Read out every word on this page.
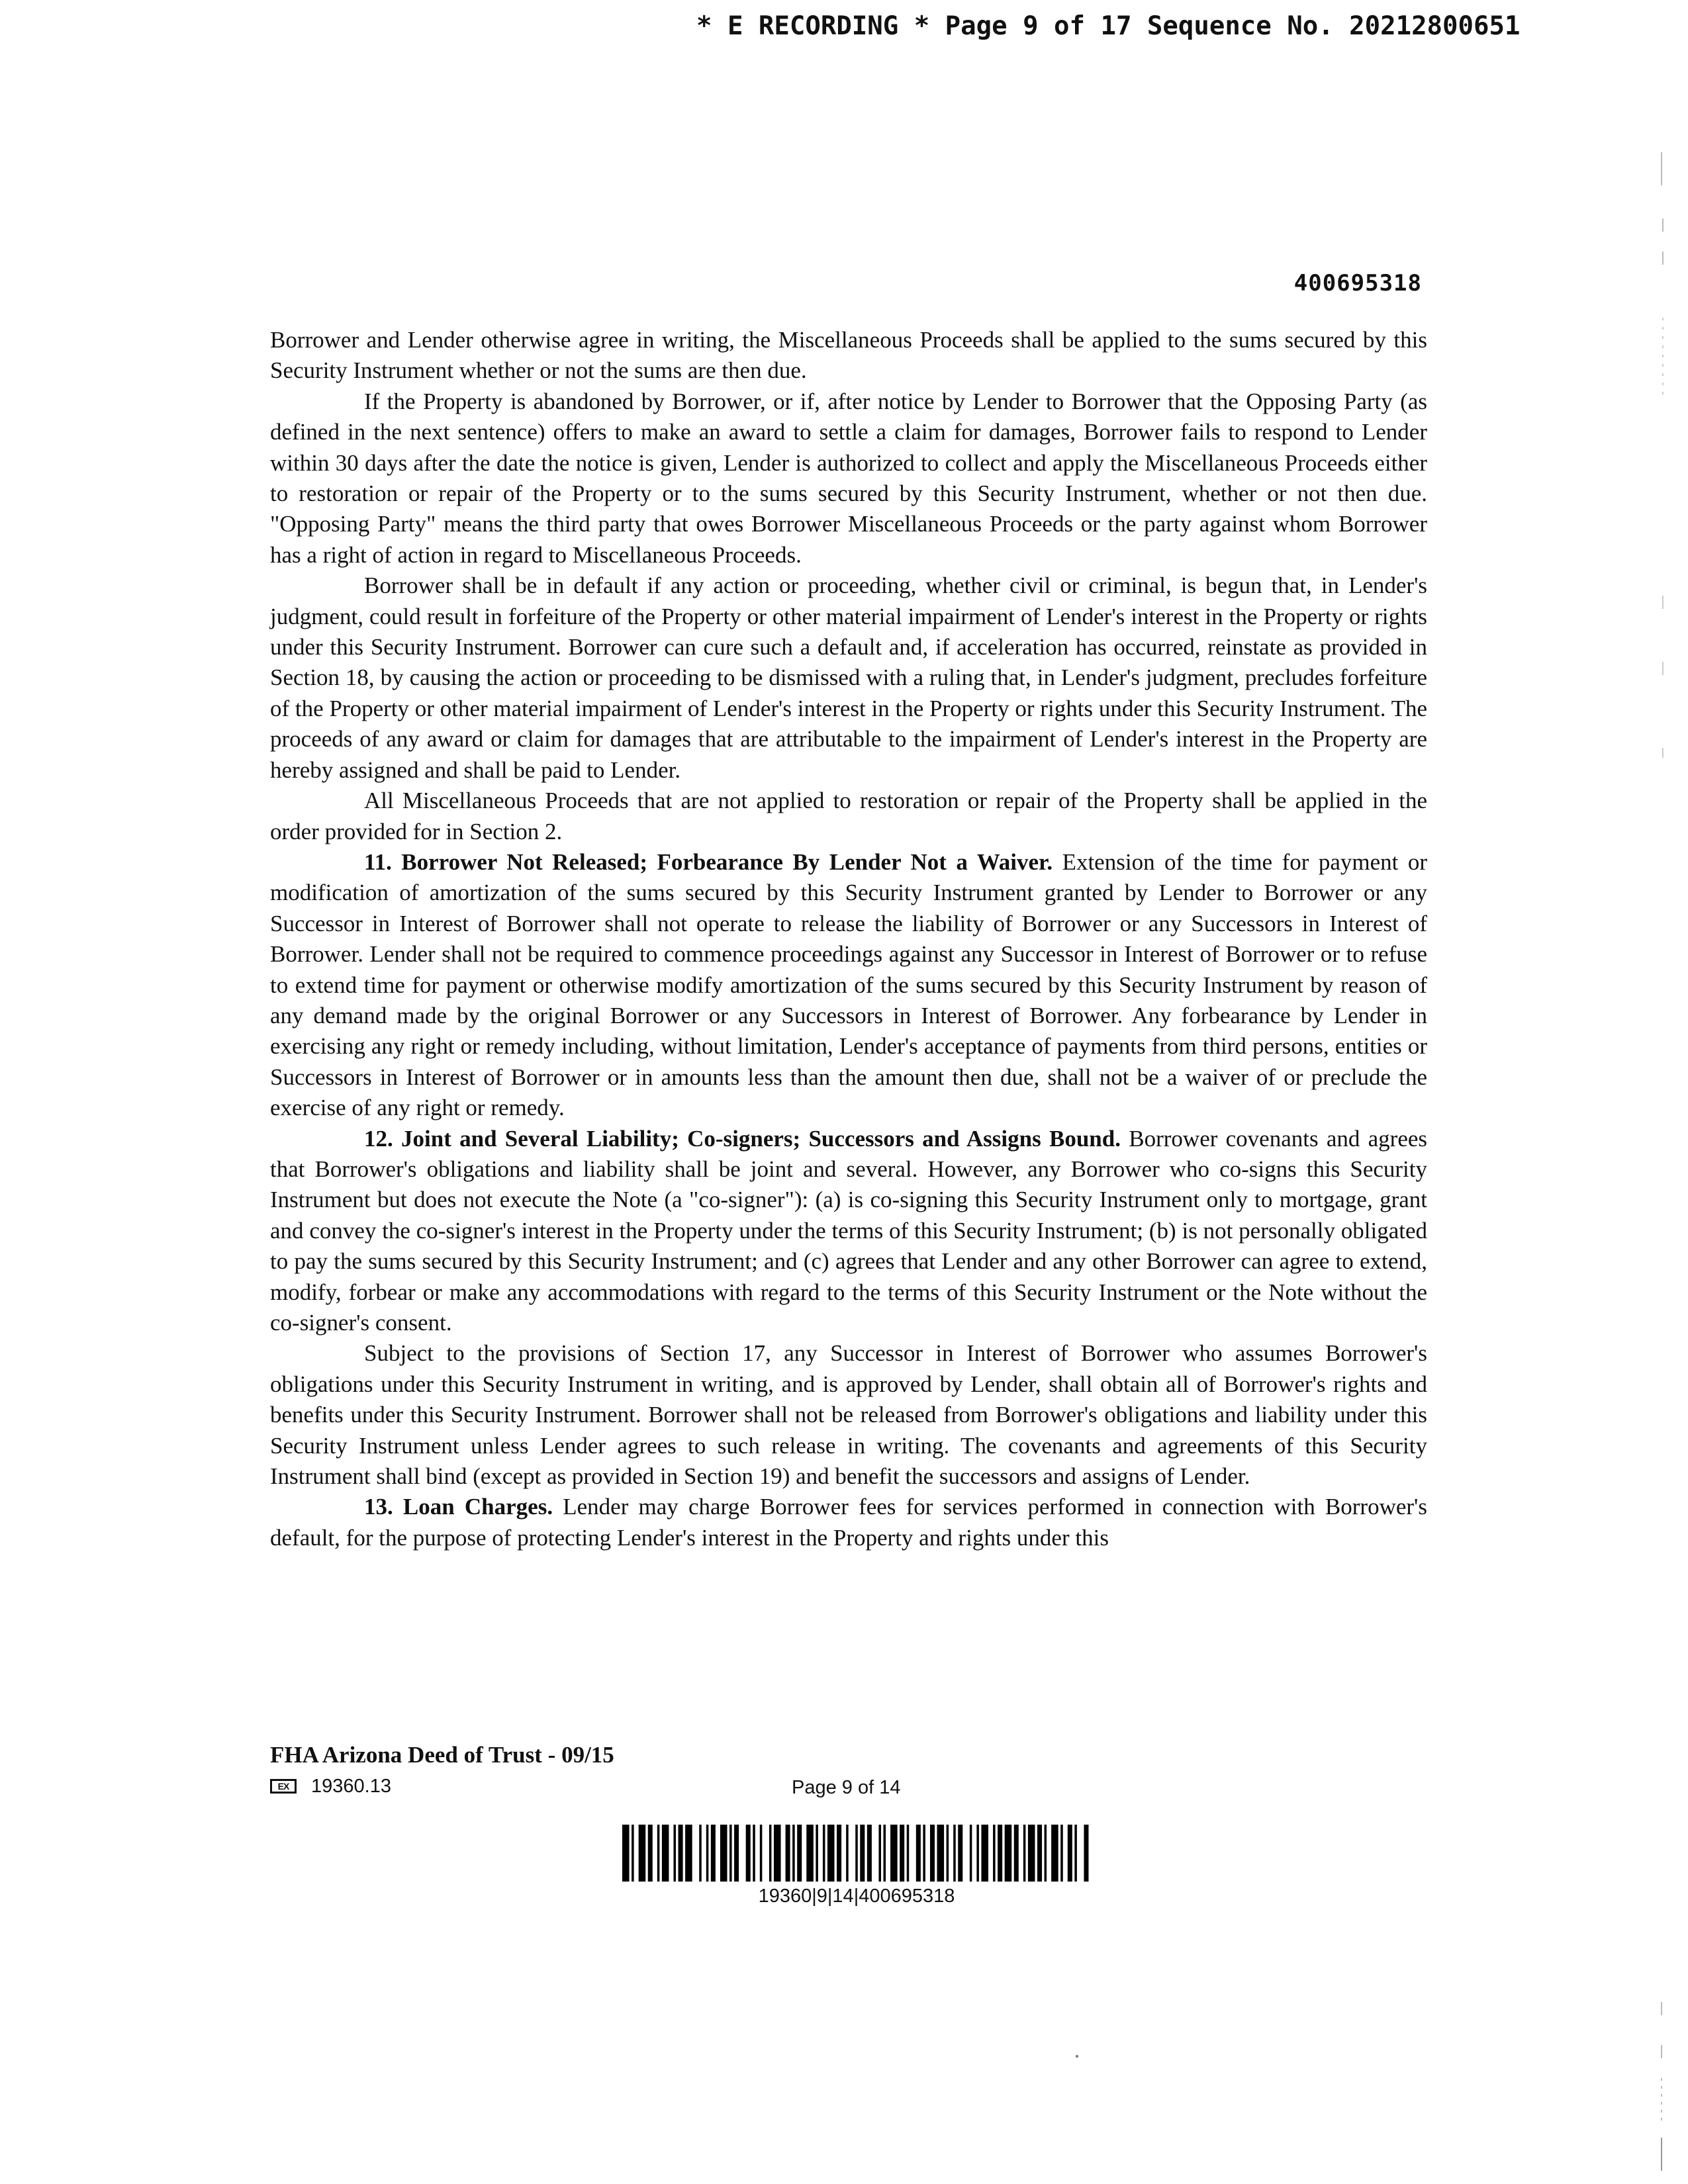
* E RECORDING * Page 9 of 17 Sequence No. 20212800651
400695318

Borrower and Lender otherwise agree in writing, the Miscellaneous Proceeds shall be applied to the sums secured by this Security Instrument whether or not the sums are then due.

If the Property is abandoned by Borrower, or if, after notice by Lender to Borrower that the Opposing Party (as defined in the next sentence) offers to make an award to settle a claim for damages, Borrower fails to respond to Lender within 30 days after the date the notice is given, Lender is authorized to collect and apply the Miscellaneous Proceeds either to restoration or repair of the Property or to the sums secured by this Security Instrument, whether or not then due. "Opposing Party" means the third party that owes Borrower Miscellaneous Proceeds or the party against whom Borrower has a right of action in regard to Miscellaneous Proceeds.

Borrower shall be in default if any action or proceeding, whether civil or criminal, is begun that, in Lender's judgment, could result in forfeiture of the Property or other material impairment of Lender's interest in the Property or rights under this Security Instrument. Borrower can cure such a default and, if acceleration has occurred, reinstate as provided in Section 18, by causing the action or proceeding to be dismissed with a ruling that, in Lender's judgment, precludes forfeiture of the Property or other material impairment of Lender's interest in the Property or rights under this Security Instrument. The proceeds of any award or claim for damages that are attributable to the impairment of Lender's interest in the Property are hereby assigned and shall be paid to Lender.

All Miscellaneous Proceeds that are not applied to restoration or repair of the Property shall be applied in the order provided for in Section 2.

11. Borrower Not Released; Forbearance By Lender Not a Waiver. Extension of the time for payment or modification of amortization of the sums secured by this Security Instrument granted by Lender to Borrower or any Successor in Interest of Borrower shall not operate to release the liability of Borrower or any Successors in Interest of Borrower. Lender shall not be required to commence proceedings against any Successor in Interest of Borrower or to refuse to extend time for payment or otherwise modify amortization of the sums secured by this Security Instrument by reason of any demand made by the original Borrower or any Successors in Interest of Borrower. Any forbearance by Lender in exercising any right or remedy including, without limitation, Lender's acceptance of payments from third persons, entities or Successors in Interest of Borrower or in amounts less than the amount then due, shall not be a waiver of or preclude the exercise of any right or remedy.

12. Joint and Several Liability; Co-signers; Successors and Assigns Bound. Borrower covenants and agrees that Borrower's obligations and liability shall be joint and several. However, any Borrower who co-signs this Security Instrument but does not execute the Note (a "co-signer"): (a) is co-signing this Security Instrument only to mortgage, grant and convey the co-signer's interest in the Property under the terms of this Security Instrument; (b) is not personally obligated to pay the sums secured by this Security Instrument; and (c) agrees that Lender and any other Borrower can agree to extend, modify, forbear or make any accommodations with regard to the terms of this Security Instrument or the Note without the co-signer's consent.

Subject to the provisions of Section 17, any Successor in Interest of Borrower who assumes Borrower's obligations under this Security Instrument in writing, and is approved by Lender, shall obtain all of Borrower's rights and benefits under this Security Instrument. Borrower shall not be released from Borrower's obligations and liability under this Security Instrument unless Lender agrees to such release in writing. The covenants and agreements of this Security Instrument shall bind (except as provided in Section 19) and benefit the successors and assigns of Lender.

13. Loan Charges. Lender may charge Borrower fees for services performed in connection with Borrower's default, for the purpose of protecting Lender's interest in the Property and rights under this

FHA Arizona Deed of Trust - 09/15
EX	19360.13	Page 9 of 14
19360|9|14|400695318
